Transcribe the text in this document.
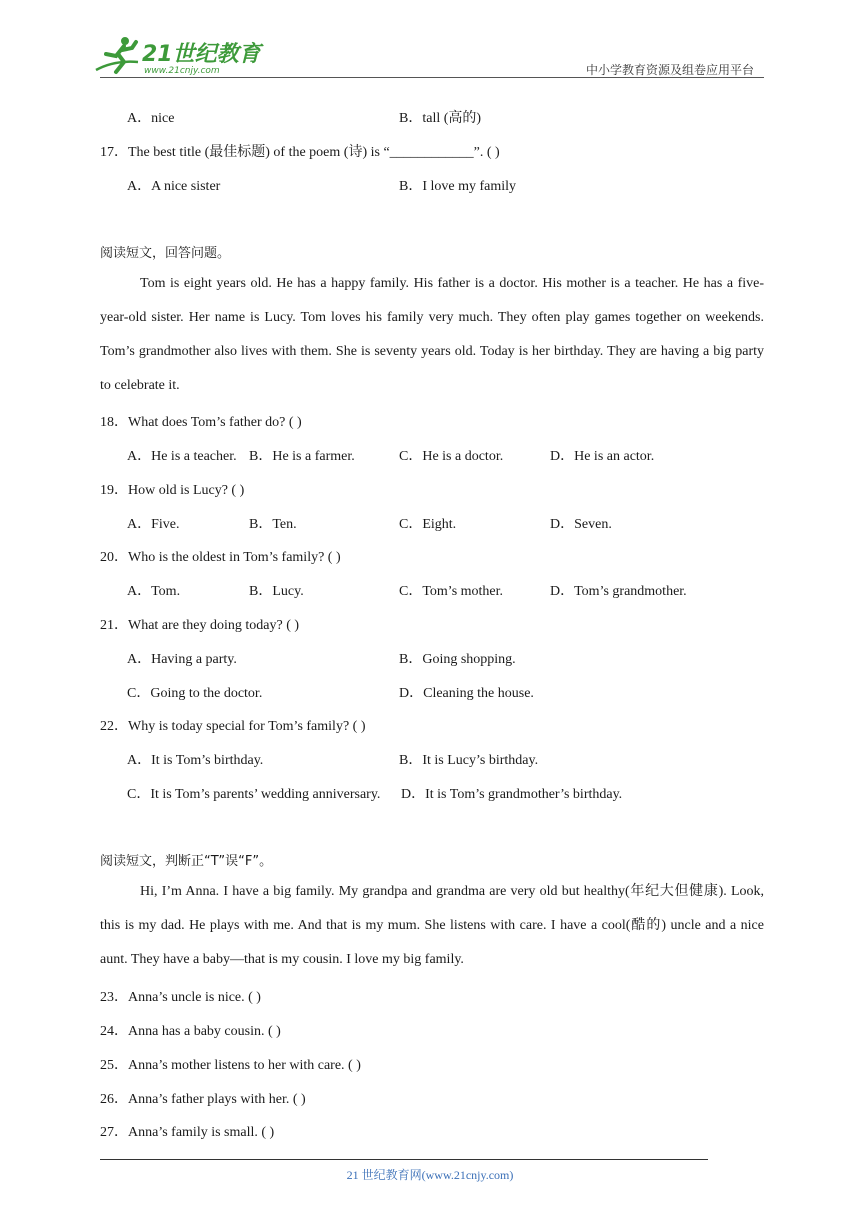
21世纪教育
www.21cnjy.com	中小学教育资源及组卷应用平台
A．nice	B．tall (高的)
17．The best title (最佳标题) of the poem (诗) is “____________”. ( )
A．A nice sister	B．I love my family
阅读短文，回答问题。

Tom is eight years old. He has a happy family. His father is a doctor. His mother is a teacher. He has a five-year-old sister. Her name is Lucy. Tom loves his family very much. They often play games together on weekends. Tom’s grandmother also lives with them. She is seventy years old. Today is her birthday. They are having a big party to celebrate it.

18．What does Tom’s father do? ( )
A．He is a teacher. B．He is a farmer.	C．He is a doctor.	D．He is an actor.
19．How old is Lucy? ( )
A．Five.	B．Ten.	C．Eight.	D．Seven.
20．Who is the oldest in Tom’s family? ( )
A．Tom.	B．Lucy.	C．Tom’s mother.	D．Tom’s grandmother.
21．What are they doing today? ( )
A．Having a party.	B．Going shopping.
C．Going to the doctor.	D．Cleaning the house.
22．Why is today special for Tom’s family? ( )
A．It is Tom’s birthday.	B．It is Lucy’s birthday.
C．It is Tom’s parents’ wedding anniversary. D．It is Tom’s grandmother’s birthday.
阅读短文，判断正“T”误“F”。

Hi, I’m Anna. I have a big family. My grandpa and grandma are very old but healthy(年纪大但健康). Look, this is my dad. He plays with me. And that is my mum. She listens with care. I have a cool(酷的) uncle and a nice aunt. They have a baby—that is my cousin. I love my big family.

23．Anna’s uncle is nice. ( )
24．Anna has a baby cousin. ( )
25．Anna’s mother listens to her with care. ( )
26．Anna’s father plays with her. ( )
27．Anna’s family is small. ( )
21 世纪教育网(www.21cnjy.com)
